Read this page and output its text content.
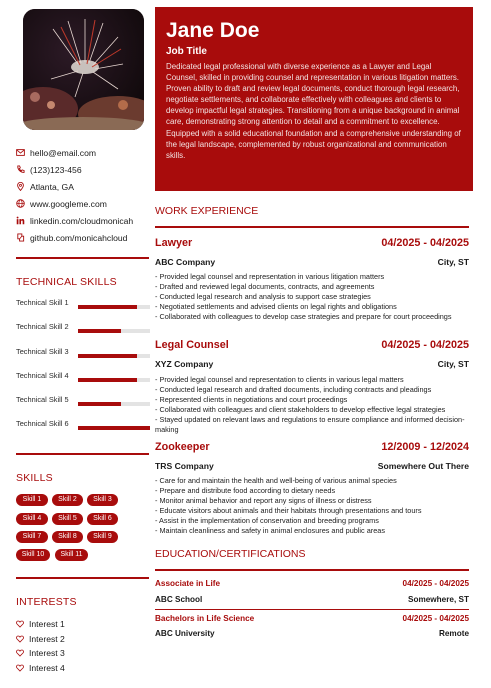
hello@email.com
(123)123-456
Atlanta, GA
www.googleme.com
linkedin.com/cloudmonicah
github.com/monicahcloud
TECHNICAL SKILLS
Technical Skill 1
Technical Skill 2
Technical Skill 3
Technical Skill 4
Technical Skill 5
Technical Skill 6
SKILLS
Skill 1	Skill 2	Skill 3
Skill 4	Skill 5	Skill 6
Skill 7	Skill 8	Skill 9
Skill 10	Skill 11
INTERESTS
Interest 1
Interest 2
Interest 3
Interest 4
Jane Doe
Job Title
Dedicated legal professional with diverse experience as a Lawyer and Legal Counsel, skilled in providing counsel and representation in various litigation matters. Proven ability to draft and review legal documents, conduct thorough legal research, negotiate settlements, and collaborate effectively with colleagues and clients to develop impactful legal strategies. Transitioning from a unique background in animal care, demonstrating strong attention to detail and a commitment to excellence. Equipped with a solid educational foundation and a comprehensive understanding of the legal landscape, complemented by robust organizational and communication skills.
WORK EXPERIENCE
Lawyer	04/2025 - 04/2025
ABC Company	City, ST
- Provided legal counsel and representation in various litigation matters
- Drafted and reviewed legal documents, contracts, and agreements
- Conducted legal research and analysis to support case strategies
- Negotiated settlements and advised clients on legal rights and obligations
- Collaborated with colleagues to develop case strategies and prepare for court proceedings
Legal Counsel	04/2025 - 04/2025
XYZ Company	City, ST
- Provided legal counsel and representation to clients in various legal matters
- Conducted legal research and drafted documents, including contracts and pleadings
- Represented clients in negotiations and court proceedings
- Collaborated with colleagues and client stakeholders to develop effective legal strategies
- Stayed updated on relevant laws and regulations to ensure compliance and informed decision-making
Zookeeper	12/2009 - 12/2024
TRS Company	Somewhere Out There
- Care for and maintain the health and well-being of various animal species
- Prepare and distribute food according to dietary needs
- Monitor animal behavior and report any signs of illness or distress
- Educate visitors about animals and their habitats through presentations and tours
- Assist in the implementation of conservation and breeding programs
- Maintain cleanliness and safety in animal enclosures and public areas
EDUCATION/CERTIFICATIONS
Associate in Life	04/2025 - 04/2025
ABC School	Somewhere, ST
Bachelors in Life Science	04/2025 - 04/2025
ABC University	Remote
